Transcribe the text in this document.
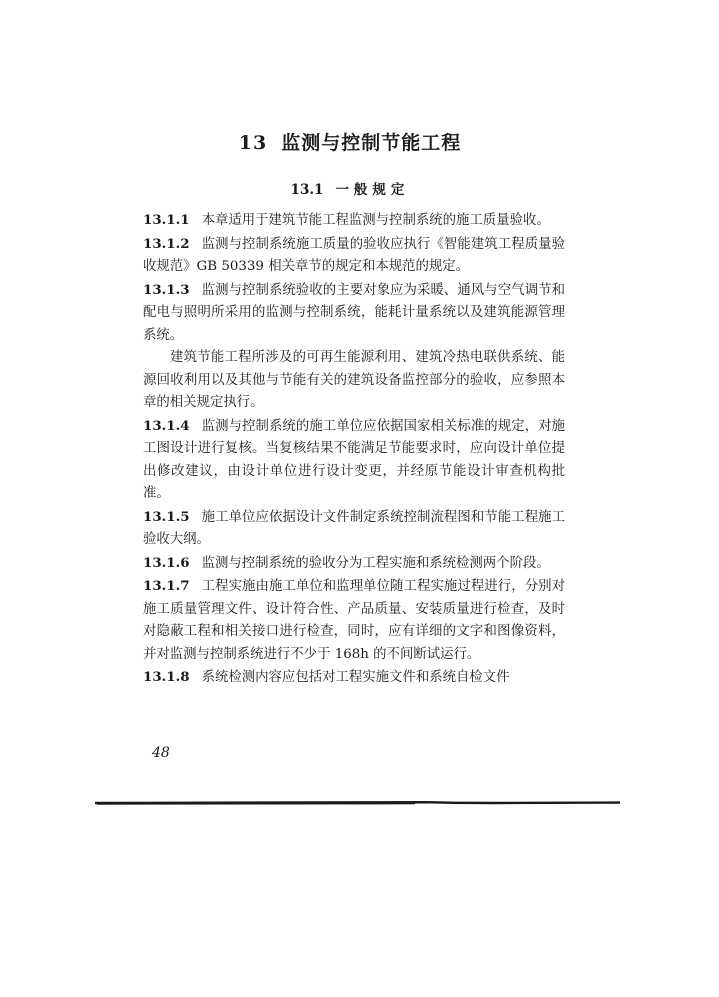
13 监测与控制节能工程
13.1 一般规定

13.1.1 本章适用于建筑节能工程监测与控制系统的施工质量验收。

13.1.2 监测与控制系统施工质量的验收应执行《智能建筑工程质量验收规范》GB 50339 相关章节的规定和本规范的规定。

13.1.3 监测与控制系统验收的主要对象应为采暖、通风与空气调节和配电与照明所采用的监测与控制系统，能耗计量系统以及建筑能源管理系统。

建筑节能工程所涉及的可再生能源利用、建筑冷热电联供系统、能源回收利用以及其他与节能有关的建筑设备监控部分的验收，应参照本章的相关规定执行。

13.1.4 监测与控制系统的施工单位应依据国家相关标准的规定，对施工图设计进行复核。当复核结果不能满足节能要求时，应向设计单位提出修改建议，由设计单位进行设计变更，并经原节能设计审查机构批准。

13.1.5 施工单位应依据设计文件制定系统控制流程图和节能工程施工验收大纲。

13.1.6 监测与控制系统的验收分为工程实施和系统检测两个阶段。

13.1.7 工程实施由施工单位和监理单位随工程实施过程进行，分别对施工质量管理文件、设计符合性、产品质量、安装质量进行检查，及时对隐蔽工程和相关接口进行检查，同时，应有详细的文字和图像资料，并对监测与控制系统进行不少于 168h 的不间断试运行。

13.1.8 系统检测内容应包括对工程实施文件和系统自检文件

48
